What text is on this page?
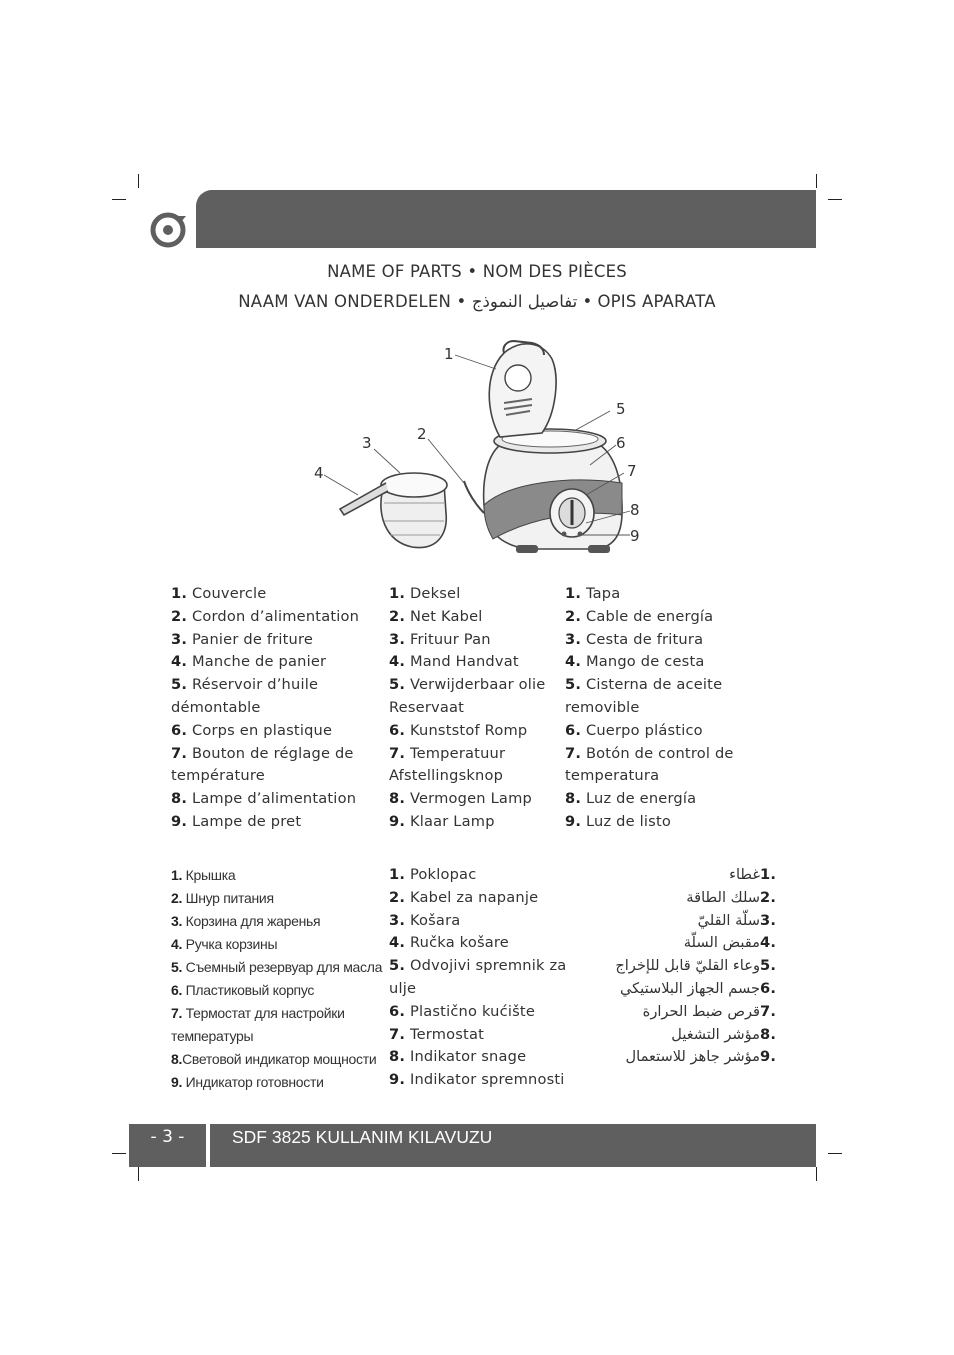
NAME OF PARTS • NOM DES PIÈCES
NAAM VAN ONDERDELEN • تفاصيل النموذج • OPIS APARATA
1
2
3
4
5
6
7
8
9
1. Couvercle
2. Cordon d’alimentation
3. Panier de friture
4. Manche de panier
5. Réservoir d’huile démontable
6. Corps en plastique
7. Bouton de réglage de température
8. Lampe d’alimentation
9. Lampe de pret
1. Deksel
2. Net Kabel
3. Frituur Pan
4. Mand Handvat
5. Verwijderbaar olie Reservaat
6. Kunststof Romp
7. Temperatuur Afstellingsknop
8. Vermogen Lamp
9. Klaar Lamp
1. Tapa
2. Cable de energía
3. Cesta de fritura
4. Mango de cesta
5. Cisterna de aceite removible
6. Cuerpo plástico
7. Botón de control de temperatura
8. Luz de energía
9. Luz de listo
1. Крышка
2. Шнур питания
3. Корзина для жаренья
4. Ручка корзины
5. Съемный резервуар для масла
6. Пластиковый корпус
7. Термостат для настройки температуры
8.Световой индикатор мощности
9. Индикатор готовности
1. Poklopac
2. Kabel za napanje
3. Košara
4. Ručka košare
5. Odvojivi spremnik za ulje
6. Plastično kućište
7. Termostat
8. Indikator snage
9. Indikator spremnosti
1.
غطاء
2.
سلك الطاقة
3.
سلّة القليّ
4.
مقبض السلّة
5.
وعاء القليّ قابل للإخراج
6.
جسم الجهاز البلاستيكي
7.
قرص ضبط الحرارة
8.
مؤشر التشغيل
9.
مؤشر جاهز للاستعمال
- 3 -	SDF 3825 KULLANIM KILAVUZU
